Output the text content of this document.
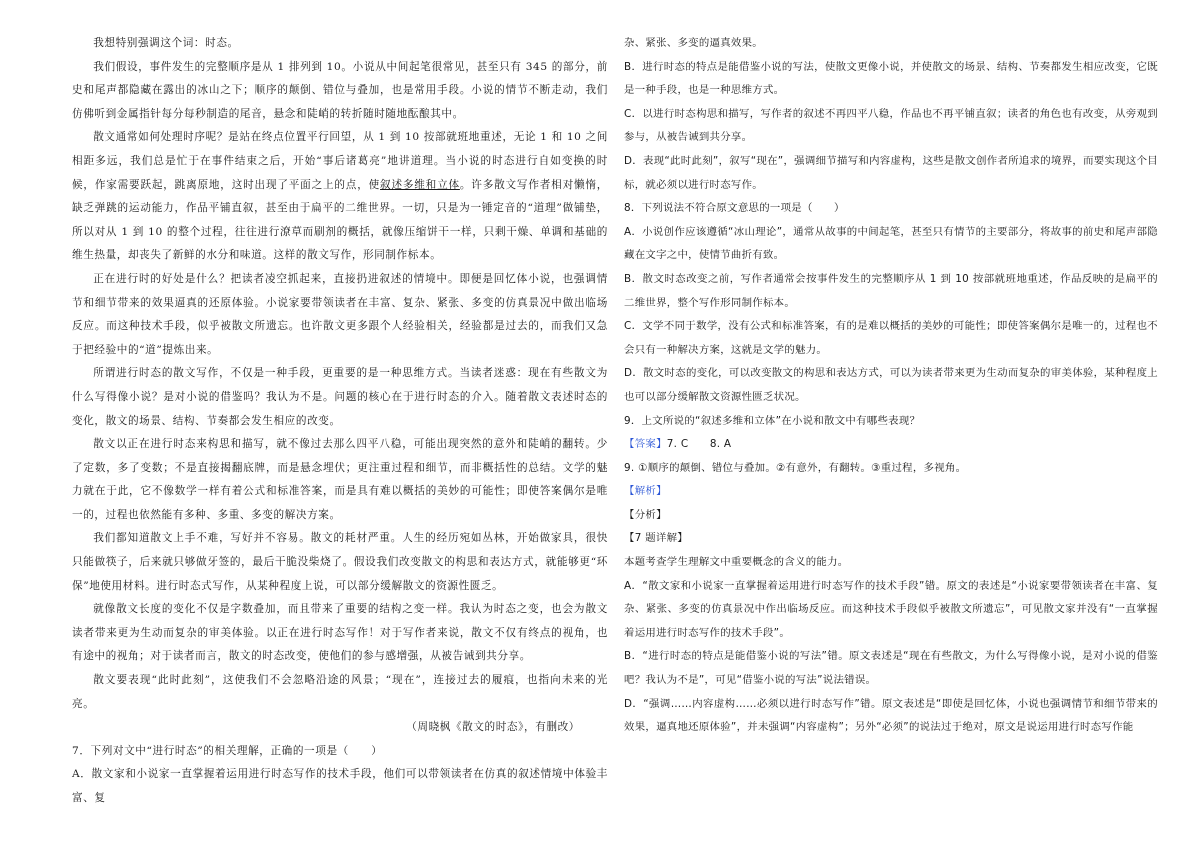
我想特别强调这个词：时态。

我们假设，事件发生的完整顺序是从 1 排列到 10。小说从中间起笔很常见，甚至只有 345 的部分，前史和尾声都隐藏在露出的冰山之下；顺序的颠倒、错位与叠加，也是常用手段。小说的情节不断走动，我们仿佛听到金属指针每分每秒制造的尾音，悬念和陡峭的转折随时随地酝酿其中。

散文通常如何处理时序呢？是站在终点位置平行回望，从 1 到 10 按部就班地重述，无论 1 和 10 之间相距多远，我们总是忙于在事件结束之后，开始“事后诸葛亮”地讲道理。当小说的时态进行自如变换的时候，作家需要跃起，跳离原地，这时出现了平面之上的点，使叙述多维和立体。许多散文写作者相对懒惰，缺乏弹跳的运动能力，作品平铺直叙，甚至由于扁平的二维世界。一切，只是为一锤定音的“道理”做铺垫，所以对从 1 到 10 的整个过程，往往进行潦草而刷剂的概括，就像压缩饼干一样，只剩干燥、单调和基础的维生热量，却丧失了新鲜的水分和味道。这样的散文写作，形同制作标本。

正在进行时的好处是什么？把读者凌空抓起来，直接扔进叙述的情境中。即便是回忆体小说，也强调情节和细节带来的效果逼真的还原体验。小说家要带领读者在丰富、复杂、紧张、多变的仿真景况中做出临场反应。而这种技术手段，似乎被散文所遗忘。也许散文更多跟个人经验相关，经验都是过去的，而我们又急于把经验中的“道”提炼出来。

所谓进行时态的散文写作，不仅是一种手段，更重要的是一种思维方式。当读者迷惑：现在有些散文为什么写得像小说？是对小说的借鉴吗？我认为不是。问题的核心在于进行时态的介入。随着散文表述时态的变化，散文的场景、结构、节奏都会发生相应的改变。

散文以正在进行时态来构思和描写，就不像过去那么四平八稳，可能出现突然的意外和陡峭的翻转。少了定数，多了变数；不是直接揭翻底牌，而是悬念埋伏；更注重过程和细节，而非概括性的总结。文学的魅力就在于此，它不像数学一样有着公式和标准答案，而是具有难以概括的美妙的可能性；即使答案偶尔是唯一的，过程也依然能有多种、多重、多变的解决方案。

我们都知道散文上手不难，写好并不容易。散文的耗材严重。人生的经历宛如丛林，开始做家具，很快只能做筷子，后来就只够做牙签的，最后干脆没柴烧了。假设我们改变散文的构思和表达方式，就能够更“环保”地使用材料。进行时态式写作，从某种程度上说，可以部分缓解散文的资源性匮乏。

就像散文长度的变化不仅是字数叠加，而且带来了重要的结构之变一样。我认为时态之变，也会为散文读者带来更为生动而复杂的审美体验。以正在进行时态写作！对于写作者来说，散文不仅有终点的视角，也有途中的视角；对于读者而言，散文的时态改变，使他们的参与感增强，从被告诫到共分享。

散文要表现“此时此刻”，这使我们不会忽略沿途的风景；“现在”，连接过去的履痕，也指向未来的光亮。

（周晓枫《散文的时态》，有删改）

7．下列对文中“进行时态”的相关理解，正确的一项是（　　）

A．散文家和小说家一直掌握着运用进行时态写作的技术手段，他们可以带领读者在仿真的叙述情境中体验丰富、复

杂、紧张、多变的逼真效果。

B．进行时态的特点是能借鉴小说的写法，使散文更像小说，并使散文的场景、结构、节奏都发生相应改变，它既是一种手段，也是一种思维方式。

C．以进行时态构思和描写，写作者的叙述不再四平八稳，作品也不再平铺直叙；读者的角色也有改变，从旁观到参与，从被告诫到共分享。

D．表现“此时此刻”，叙写“现在”，强调细节描写和内容虚构，这些是散文创作者所追求的境界，而要实现这个目标，就必须以进行时态写作。

8．下列说法不符合原文意思的一项是（　　）

A．小说创作应该遵循“冰山理论”，通常从故事的中间起笔，甚至只有情节的主要部分，将故事的前史和尾声部隐藏在文字之中，使情节曲折有致。

B．散文时态改变之前，写作者通常会按事件发生的完整顺序从 1 到 10 按部就班地重述，作品反映的是扁平的二维世界，整个写作形同制作标本。

C．文学不同于数学，没有公式和标准答案，有的是难以概括的美妙的可能性；即使答案偶尔是唯一的，过程也不会只有一种解决方案，这就是文学的魅力。

D．散文时态的变化，可以改变散文的构思和表达方式，可以为读者带来更为生动而复杂的审美体验，某种程度上也可以部分缓解散文资源性匮乏状况。

9．上文所说的“叙述多维和立体”在小说和散文中有哪些表现？

【答案】7. C　　8. A

9. ①顺序的颠倒、错位与叠加。②有意外，有翻转。③重过程，多视角。

【解析】

【分析】

【7 题详解】

本题考查学生理解文中重要概念的含义的能力。

A．“散文家和小说家一直掌握着运用进行时态写作的技术手段”错。原文的表述是“小说家要带领读者在丰富、复杂、紧张、多变的仿真景况中作出临场反应。而这种技术手段似乎被散文所遗忘”，可见散文家并没有“一直掌握着运用进行时态写作的技术手段”。

B．“进行时态的特点是能借鉴小说的写法”错。原文表述是“现在有些散文，为什么写得像小说，是对小说的借鉴吧？我认为不是”，可见“借鉴小说的写法”说法错误。

D．“强调……内容虚构……必须以进行时态写作”错。原文表述是“即使是回忆体，小说也强调情节和细节带来的效果，逼真地还原体验”，并未强调“内容虚构”；另外“必须”的说法过于绝对，原文是说运用进行时态写作能
